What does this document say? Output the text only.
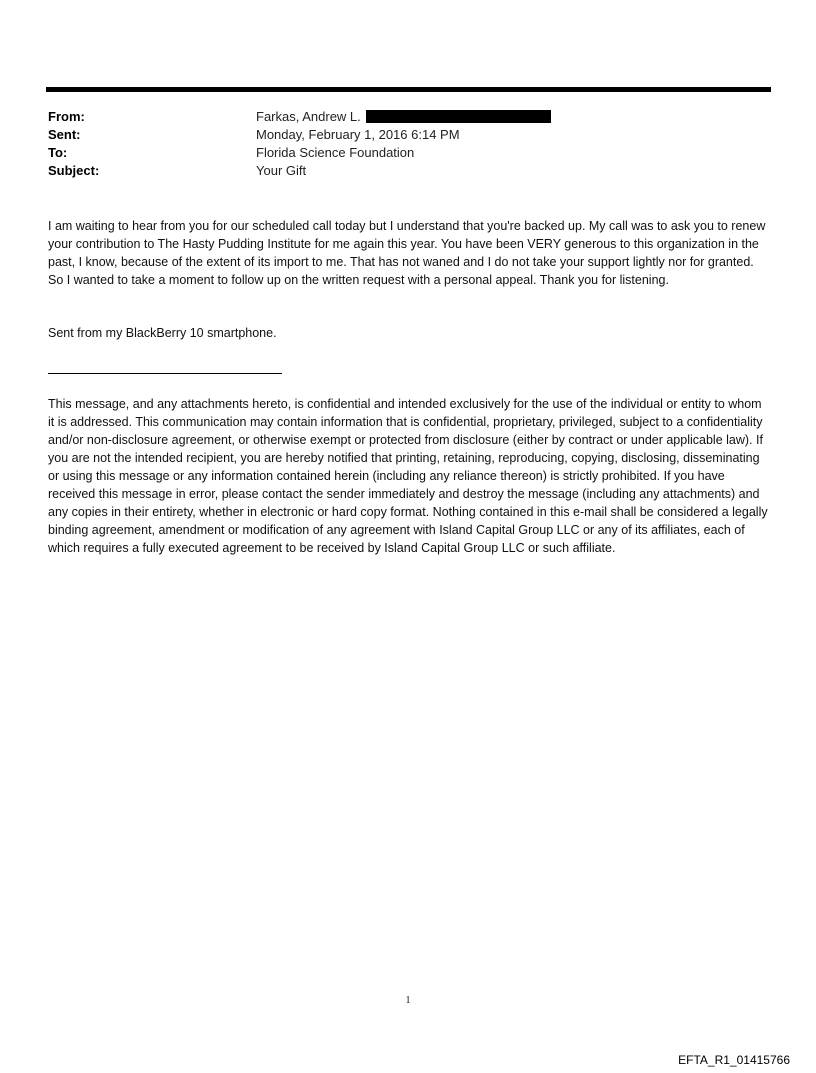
From:	Farkas, Andrew L.
Sent:	Monday, February 1, 2016 6:14 PM
To:	Florida Science Foundation
Subject:	Your Gift

I am waiting to hear from you for our scheduled call today but I understand that you're backed up. My call was to ask you to renew your contribution to The Hasty Pudding Institute for me again this year. You have been VERY generous to this organization in the past, I know, because of the extent of its import to me. That has not waned and I do not take your support lightly nor for granted. So I wanted to take a moment to follow up on the written request with a personal appeal. Thank you for listening.

Sent from my BlackBerry 10 smartphone.
This message, and any attachments hereto, is confidential and intended exclusively for the use of the individual or entity to whom it is addressed. This communication may contain information that is confidential, proprietary, privileged, subject to a confidentiality and/or non-disclosure agreement, or otherwise exempt or protected from disclosure (either by contract or under applicable law). If you are not the intended recipient, you are hereby notified that printing, retaining, reproducing, copying, disclosing, disseminating or using this message or any information contained herein (including any reliance thereon) is strictly prohibited. If you have received this message in error, please contact the sender immediately and destroy the message (including any attachments) and any copies in their entirety, whether in electronic or hard copy format. Nothing contained in this e-mail shall be considered a legally binding agreement, amendment or modification of any agreement with Island Capital Group LLC or any of its affiliates, each of which requires a fully executed agreement to be received by Island Capital Group LLC or such affiliate.
1
EFTA_R1_01415766
